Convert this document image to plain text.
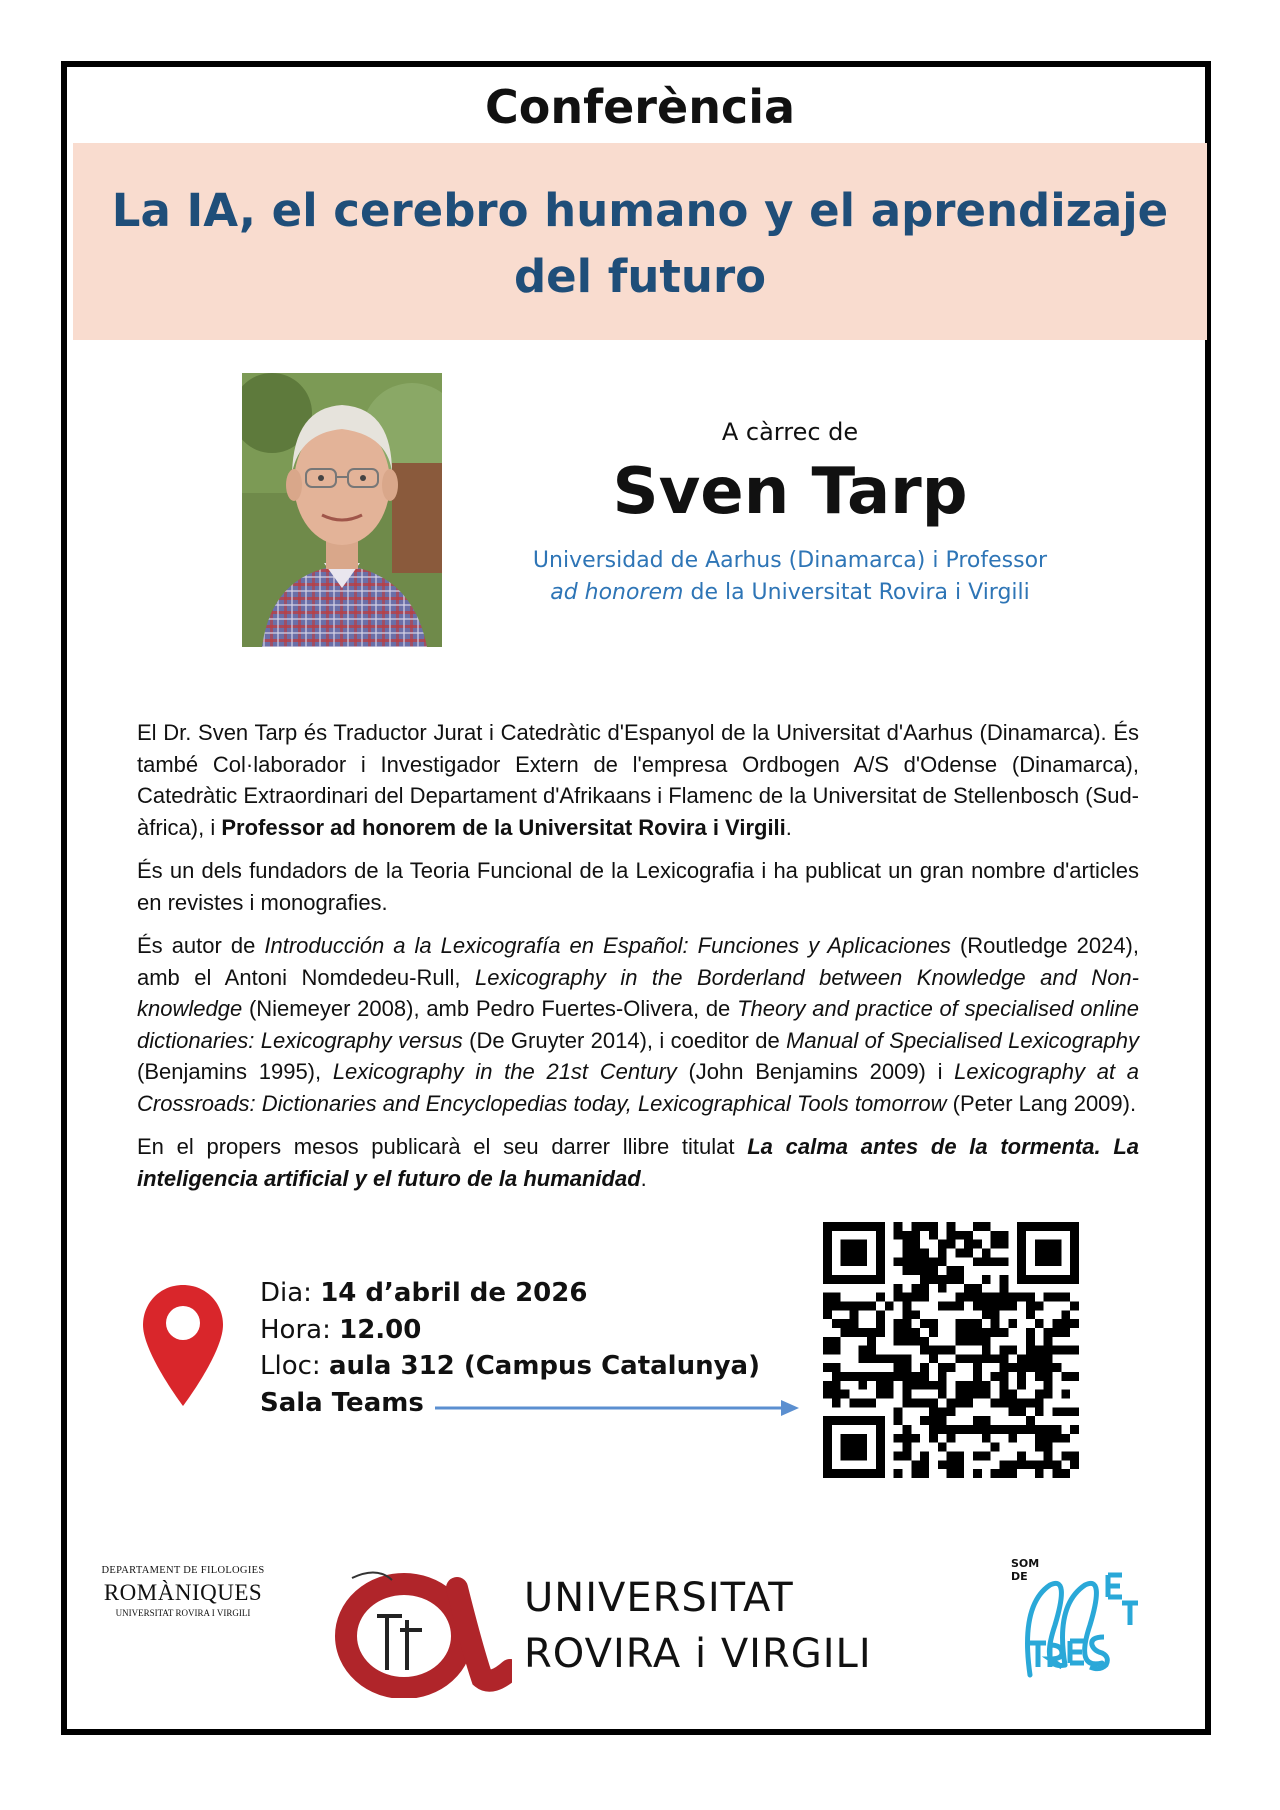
Conferència
La IA, el cerebro humano y el aprendizaje del futuro
A càrrec de
Sven Tarp
Universidad de Aarhus (Dinamarca) i Professor
ad honorem de la Universitat Rovira i Virgili

El Dr. Sven Tarp és Traductor Jurat i Catedràtic d'Espanyol de la Universitat d'Aarhus (Dinamarca). És també Col·laborador i Investigador Extern de l'empresa Ordbogen A/S d'Odense (Dinamarca), Catedràtic Extraordinari del Departament d'Afrikaans i Flamenc de la Universitat de Stellenbosch (Sud-àfrica), i Professor ad honorem de la Universitat Rovira i Virgili.

És un dels fundadors de la Teoria Funcional de la Lexicografia i ha publicat un gran nombre d'articles en revistes i monografies.

És autor de Introducción a la Lexicografía en Español: Funciones y Aplicaciones (Routledge 2024), amb el Antoni Nomdedeu-Rull, Lexicography in the Borderland between Knowledge and Non-knowledge (Niemeyer 2008), amb Pedro Fuertes-Olivera, de Theory and practice of specialised online dictionaries: Lexicography versus (De Gruyter 2014), i coeditor de Manual of Specialised Lexicography (Benjamins 1995), Lexicography in the 21st Century (John Benjamins 2009) i Lexicography at a Crossroads: Dictionaries and Encyclopedias today, Lexicographical Tools tomorrow (Peter Lang 2009).

En el propers mesos publicarà el seu darrer llibre titulat La calma antes de la tormenta. La inteligencia artificial y el futuro de la humanidad.

Dia: 14 d’abril de 2026
Hora: 12.00
Lloc: aula 312 (Campus Catalunya)
Sala Teams
DEPARTAMENT DE FILOLOGIES
ROMÀNIQUES
UNIVERSITAT ROVIRA I VIRGILI	UNIVERSITAT
ROVIRA i VIRGILI
SOM
DE
